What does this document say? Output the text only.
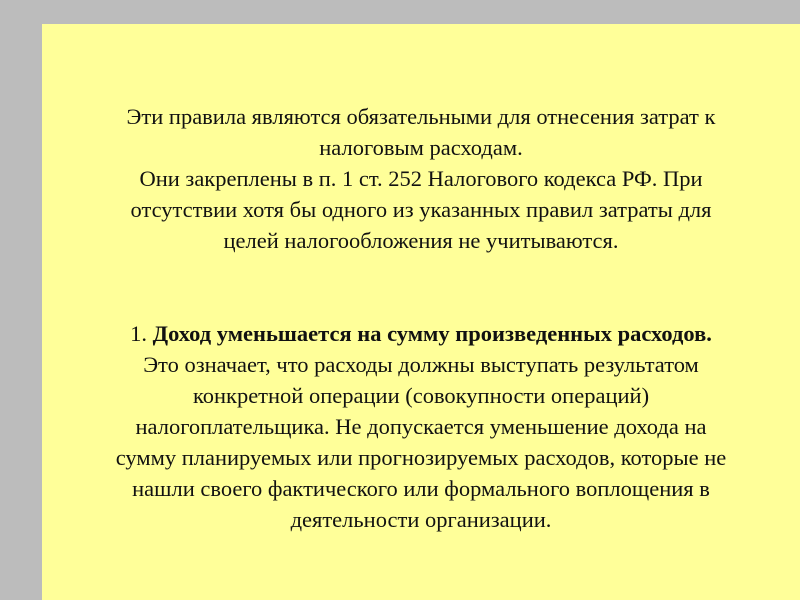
Эти правила являются обязательными для отнесения затрат к
налоговым расходам.
Они закреплены в п. 1 ст. 252 Налогового кодекса РФ. При
отсутствии хотя бы одного из указанных правил затраты для
целей налогообложения не учитываются.

1. Доход уменьшается на сумму произведенных расходов.
Это означает, что расходы должны выступать результатом
конкретной операции (совокупности операций)
налогоплательщика. Не допускается уменьшение дохода на
сумму планируемых или прогнозируемых расходов, которые не
нашли своего фактического или формального воплощения в
деятельности организации.
